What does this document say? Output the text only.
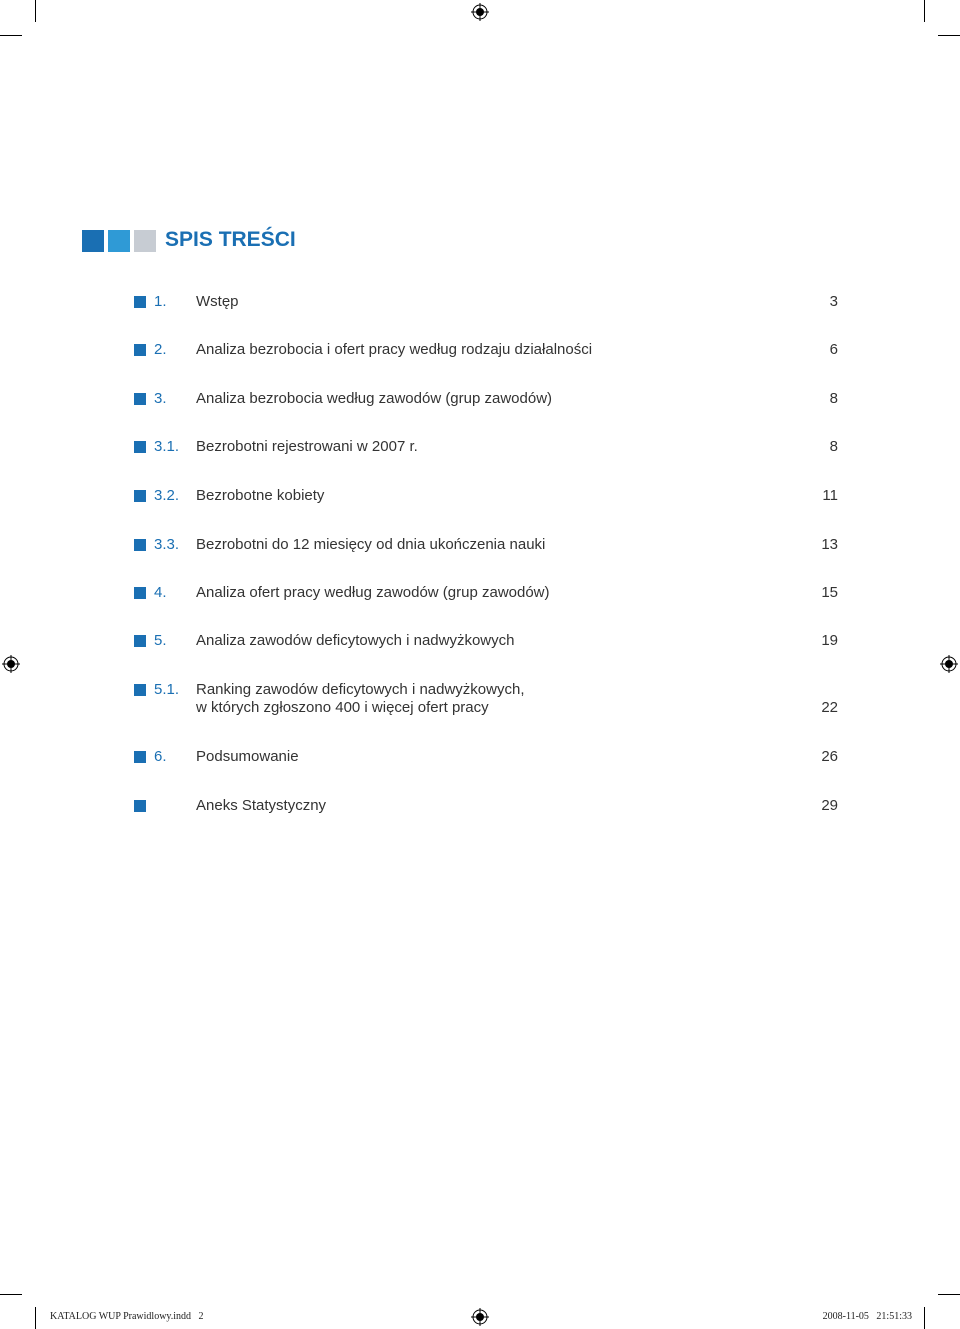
SPIS TREŚCI
1. Wstęp	3
2. Analiza bezrobocia i ofert pracy według rodzaju działalności	6
3. Analiza bezrobocia według zawodów (grup zawodów)	8
3.1. Bezrobotni rejestrowani w 2007 r.	8
3.2. Bezrobotne kobiety	11
3.3. Bezrobotni do 12 miesięcy od dnia ukończenia nauki	13
4. Analiza ofert pracy według zawodów (grup zawodów)	15
5. Analiza zawodów deficytowych i nadwyżkowych	19
5.1. Ranking zawodów deficytowych i nadwyżkowych,
w których zgłoszono 400 i więcej ofert pracy	22
6. Podsumowanie	26
Aneks Statystyczny	29
KATALOG WUP Prawidlowy.indd   2	2008-11-05   21:51:33
